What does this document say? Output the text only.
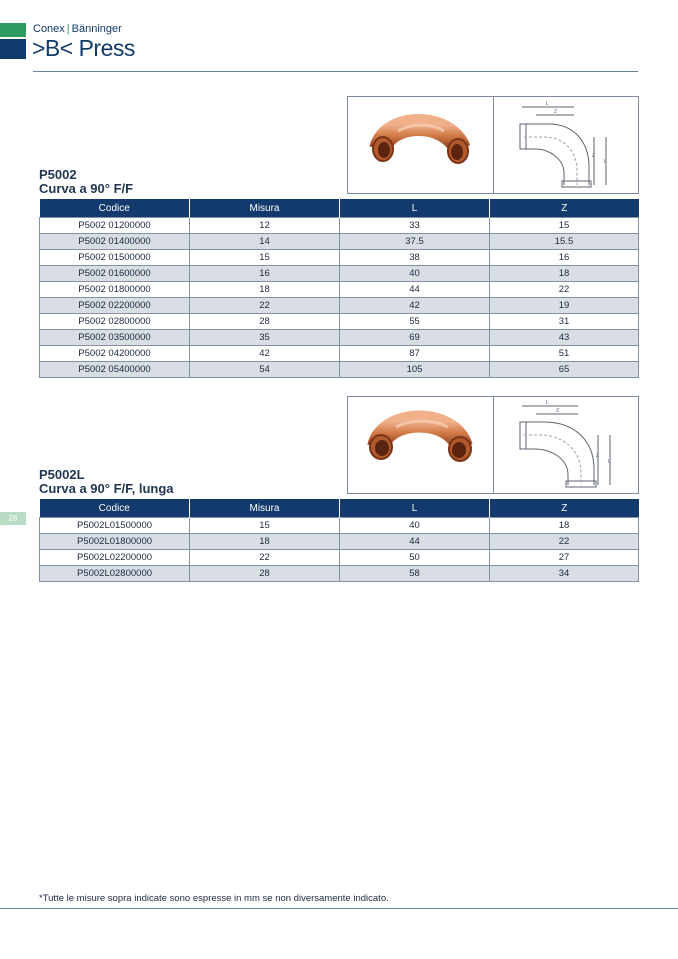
Conex | Bänninger
>B< Press
28
L
Z
Z
L
P5002
Curva a 90° F/F
Codice	Misura	L	Z
P5002 01200000	12	33	15
P5002 01400000	14	37.5	15.5
P5002 01500000	15	38	16
P5002 01600000	16	40	18
P5002 01800000	18	44	22
P5002 02200000	22	42	19
P5002 02800000	28	55	31
P5002 03500000	35	69	43
P5002 04200000	42	87	51
P5002 05400000	54	105	65
L
Z
Z
L
P5002L
Curva a 90° F/F, lunga
Codice	Misura	L	Z
P5002L01500000	15	40	18
P5002L01800000	18	44	22
P5002L02200000	22	50	27
P5002L02800000	28	58	34
*Tutte le misure sopra indicate sono espresse in mm se non diversamente indicato.
